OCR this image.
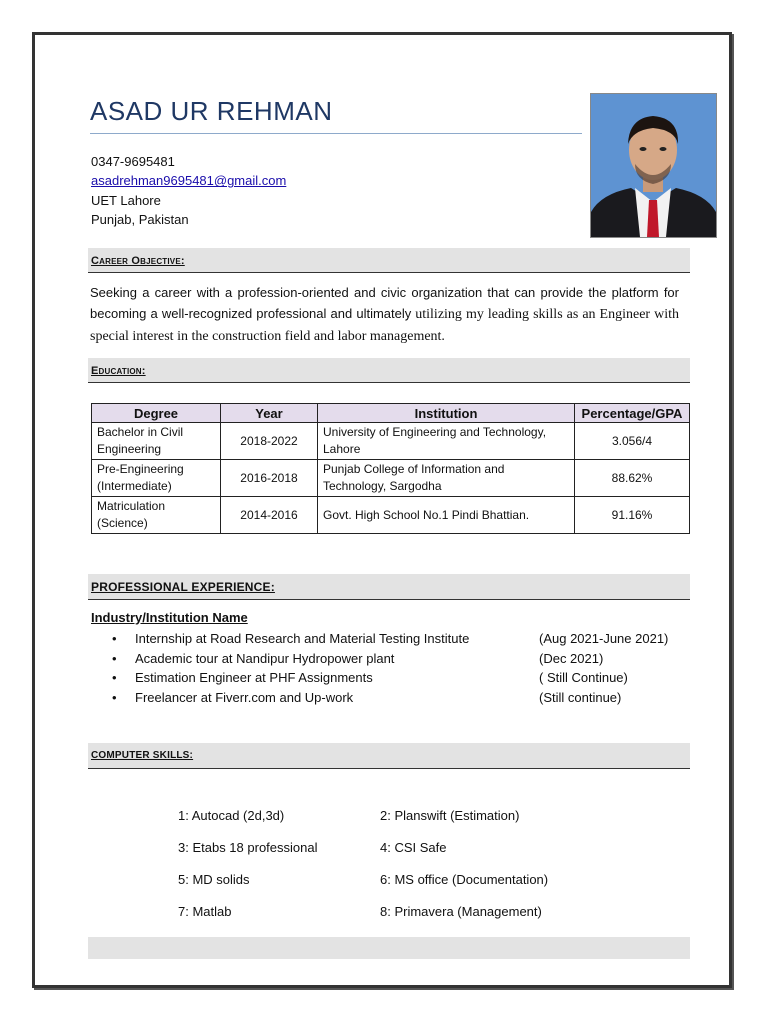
ASAD UR REHMAN
0347-9695481
asadrehman9695481@gmail.com
UET Lahore
Punjab, Pakistan
Career Objective:
Seeking a career with a profession-oriented and civic organization that can provide the platform for becoming a well-recognized professional and ultimately utilizing my leading skills as an Engineer with special interest in the construction field and labor management.
Education:
Degree	Year	Institution	Percentage/GPA
Bachelor in Civil Engineering	2018-2022	University of Engineering and Technology, Lahore	3.056/4
Pre-Engineering (Intermediate)	2016-2018	Punjab College of Information and Technology, Sargodha	88.62%
Matriculation (Science)	2014-2016	Govt. High School No.1 Pindi Bhattian.	91.16%
PROFESSIONAL EXPERIENCE:
Industry/Institution Name
•	Internship at Road Research and Material Testing Institute	(Aug 2021-June 2021)
•	Academic tour at Nandipur Hydropower plant	(Dec 2021)
•	Estimation Engineer at PHF Assignments	( Still Continue)
•	Freelancer at Fiverr.com and Up-work	(Still continue)
COMPUTER SKILLS:
1: Autocad (2d,3d)	2: Planswift (Estimation)
3: Etabs 18 professional	4: CSI Safe
5: MD solids	6: MS office (Documentation)
7: Matlab	8: Primavera (Management)
